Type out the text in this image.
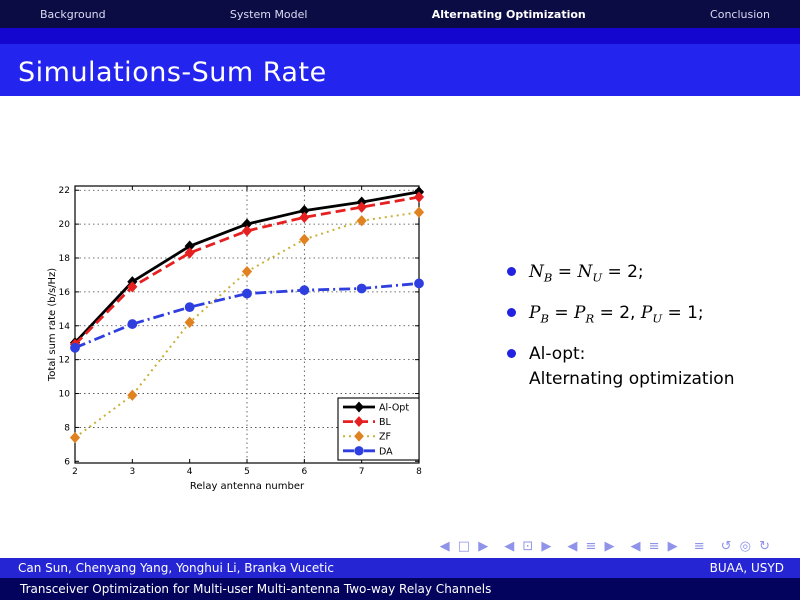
Background	System Model	Alternating Optimization	Conclusion
Simulations-Sum Rate
2	3	4	5	6	7	8
6
8
10
12
14
16
18
20
22
Relay antenna number
Total sum rate (b/s/Hz)
Al-Opt
BL
ZF
DA
$N_B = N_U = 2$;
$P_B = P_R = 2$, $P_U = 1$;
Al-opt:
Alternating optimization
◀ □ ▶ ◀ ⊡ ▶ ◀ ≡ ▶ ◀ ≡ ▶ ≡ ↺ ◎ ↻
Can Sun, Chenyang Yang, Yonghui Li, Branka Vucetic	BUAA, USYD
Transceiver Optimization for Multi-user Multi-antenna Two-way Relay Channels
